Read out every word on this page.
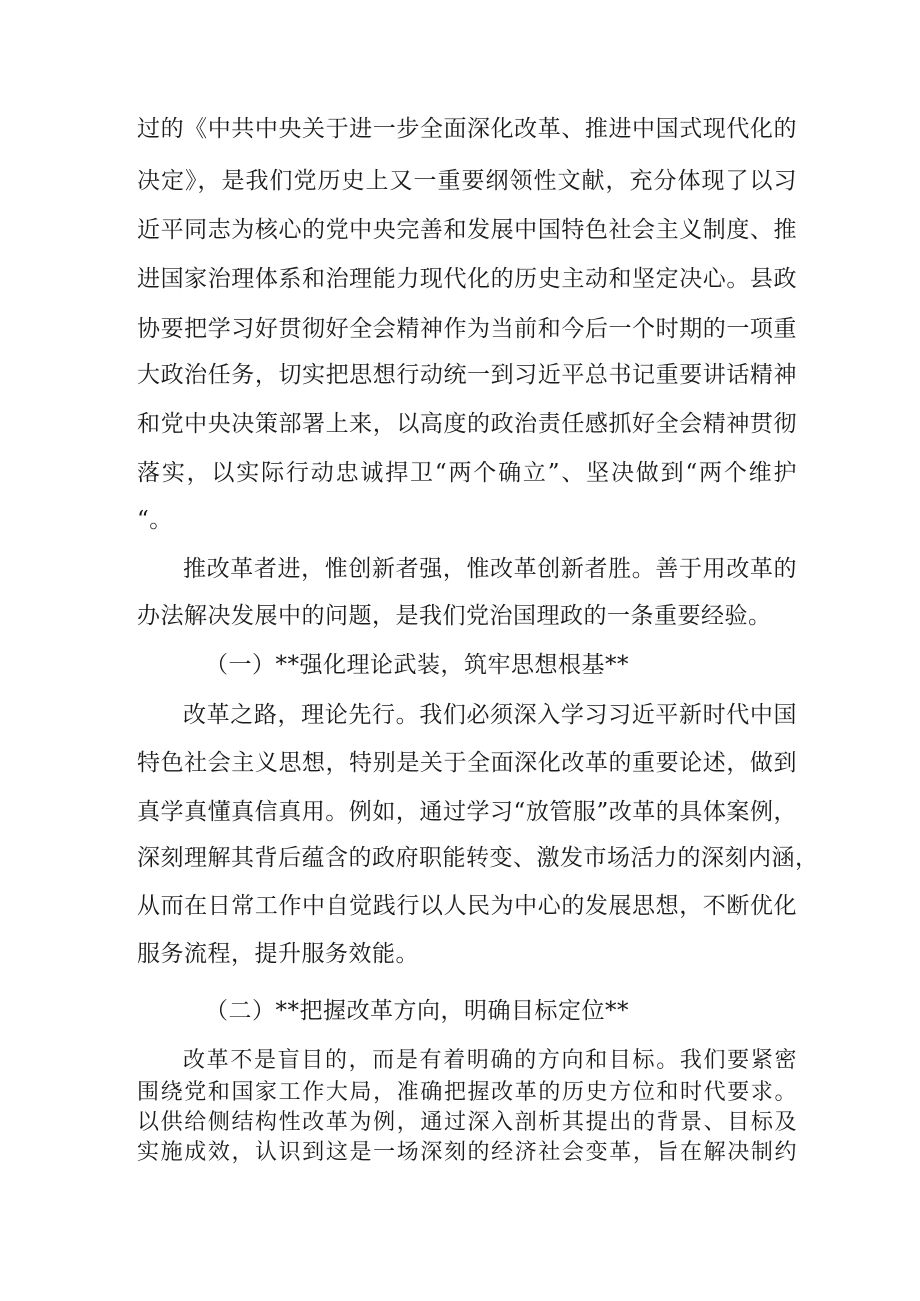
过的《中共中央关于进一步全面深化改革、推进中国式现代化的
决定》，是我们党历史上又一重要纲领性文献，充分体现了以习
近平同志为核心的党中央完善和发展中国特色社会主义制度、推
进国家治理体系和治理能力现代化的历史主动和坚定决心。县政
协要把学习好贯彻好全会精神作为当前和今后一个时期的一项重
大政治任务，切实把思想行动统一到习近平总书记重要讲话精神
和党中央决策部署上来，以高度的政治责任感抓好全会精神贯彻
落实，以实际行动忠诚捍卫“两个确立”、坚决做到“两个维护
“。
推改革者进，惟创新者强，惟改革创新者胜。善于用改革的
办法解决发展中的问题，是我们党治国理政的一条重要经验。
（一）**强化理论武装，筑牢思想根基**
改革之路，理论先行。我们必须深入学习习近平新时代中国
特色社会主义思想，特别是关于全面深化改革的重要论述，做到
真学真懂真信真用。例如，通过学习“放管服”改革的具体案例，
深刻理解其背后蕴含的政府职能转变、激发市场活力的深刻内涵，
从而在日常工作中自觉践行以人民为中心的发展思想，不断优化
服务流程，提升服务效能。
（二）**把握改革方向，明确目标定位**
改革不是盲目的，而是有着明确的方向和目标。我们要紧密
围绕党和国家工作大局，准确把握改革的历史方位和时代要求。
以供给侧结构性改革为例，通过深入剖析其提出的背景、目标及
实施成效，认识到这是一场深刻的经济社会变革，旨在解决制约
